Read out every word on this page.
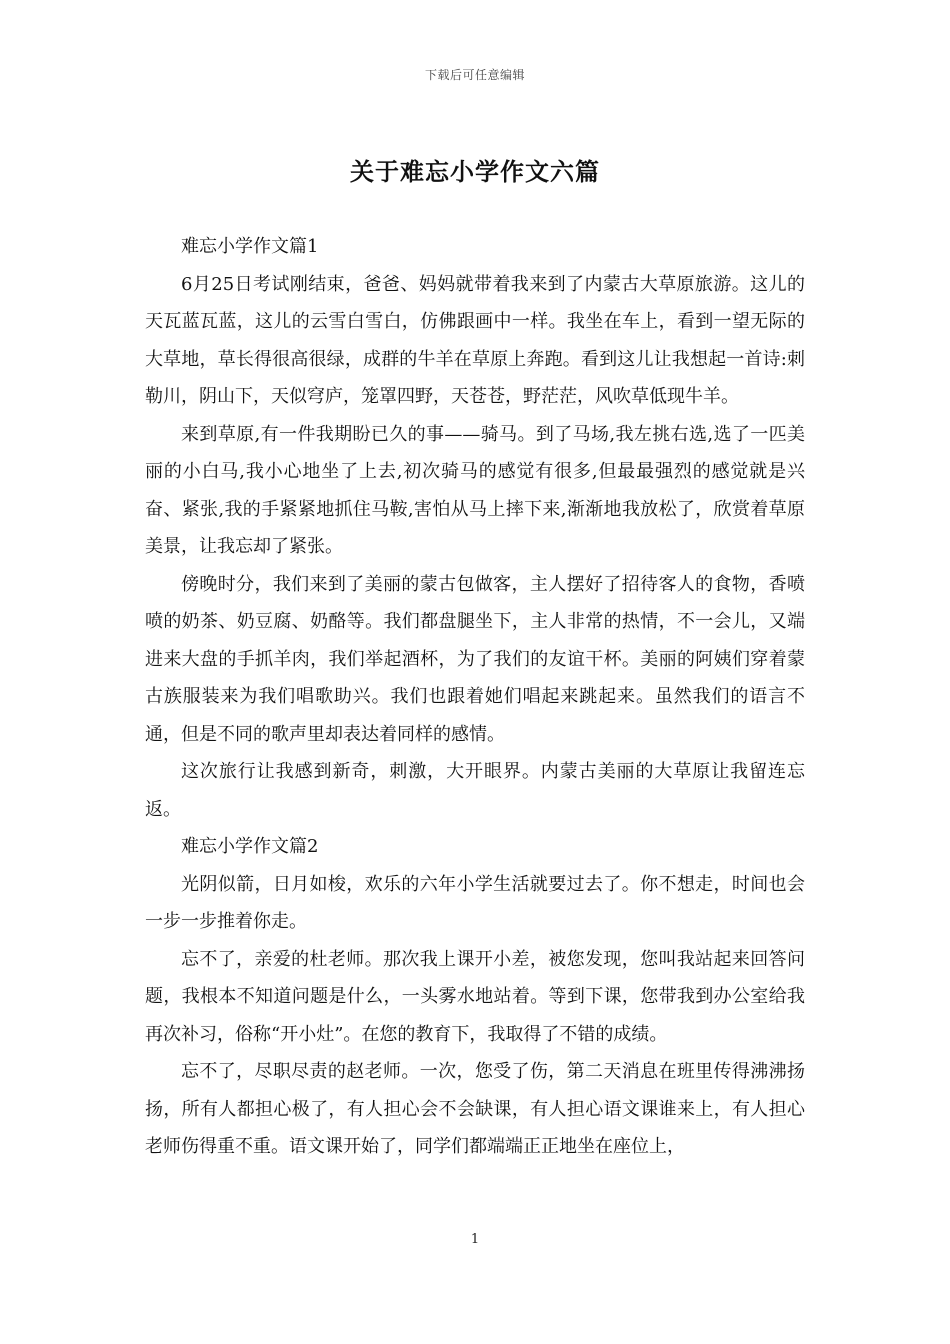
下载后可任意编辑
关于难忘小学作文六篇

难忘小学作文篇1

6月25日考试刚结束，爸爸、妈妈就带着我来到了内蒙古大草原旅游。这儿的天瓦蓝瓦蓝，这儿的云雪白雪白，仿佛跟画中一样。我坐在车上，看到一望无际的大草地，草长得很高很绿，成群的牛羊在草原上奔跑。看到这儿让我想起一首诗:刺勒川，阴山下，天似穹庐，笼罩四野，天苍苍，野茫茫，风吹草低现牛羊。

来到草原,有一件我期盼已久的事——骑马。到了马场,我左挑右选,选了一匹美丽的小白马,我小心地坐了上去,初次骑马的感觉有很多,但最最强烈的感觉就是兴奋、紧张,我的手紧紧地抓住马鞍,害怕从马上摔下来,渐渐地我放松了，欣赏着草原美景，让我忘却了紧张。

傍晚时分，我们来到了美丽的蒙古包做客，主人摆好了招待客人的食物，香喷喷的奶茶、奶豆腐、奶酪等。我们都盘腿坐下，主人非常的热情，不一会儿，又端进来大盘的手抓羊肉，我们举起酒杯，为了我们的友谊干杯。美丽的阿姨们穿着蒙古族服装来为我们唱歌助兴。我们也跟着她们唱起来跳起来。虽然我们的语言不通，但是不同的歌声里却表达着同样的感情。

这次旅行让我感到新奇，刺激，大开眼界。内蒙古美丽的大草原让我留连忘返。

难忘小学作文篇2

光阴似箭，日月如梭，欢乐的六年小学生活就要过去了。你不想走，时间也会一步一步推着你走。

忘不了，亲爱的杜老师。那次我上课开小差，被您发现，您叫我站起来回答问题，我根本不知道问题是什么，一头雾水地站着。等到下课，您带我到办公室给我再次补习，俗称“开小灶”。在您的教育下，我取得了不错的成绩。

忘不了，尽职尽责的赵老师。一次，您受了伤，第二天消息在班里传得沸沸扬扬，所有人都担心极了，有人担心会不会缺课，有人担心语文课谁来上，有人担心老师伤得重不重。语文课开始了，同学们都端端正正地坐在座位上，

1
